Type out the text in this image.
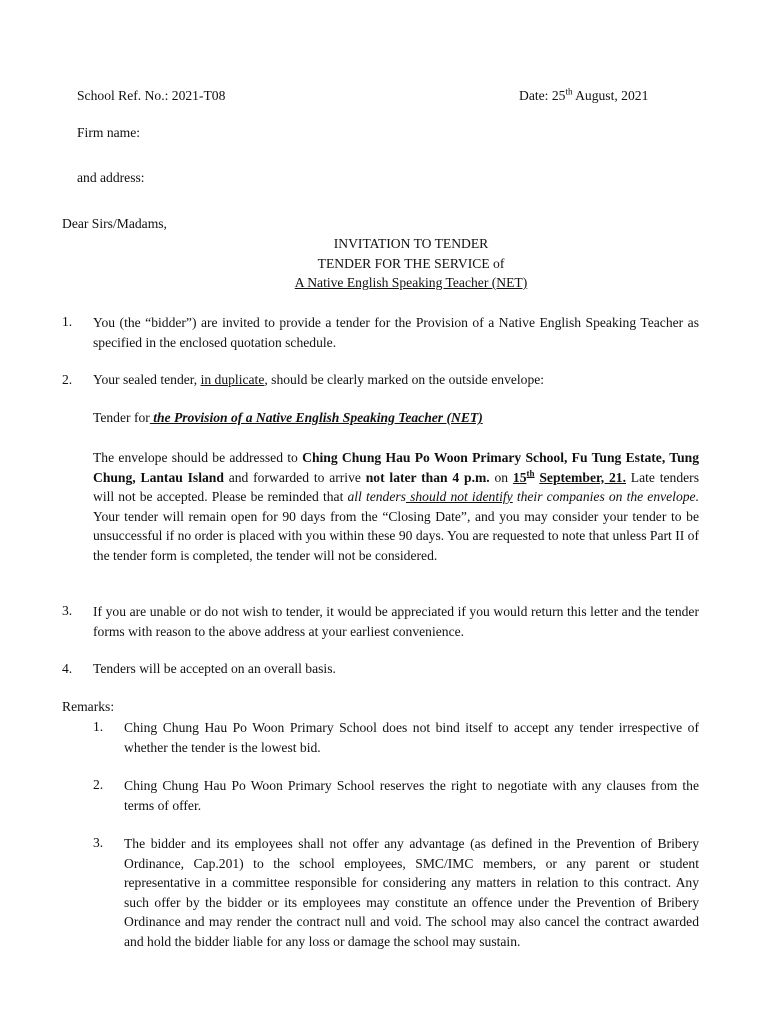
School Ref. No.: 2021-T08	Date: 25th August, 2021
Firm name:
and address:
Dear Sirs/Madams,
INVITATION TO TENDER
TENDER FOR THE SERVICE of
A Native English Speaking Teacher (NET)
1. You (the “bidder”) are invited to provide a tender for the Provision of a Native English Speaking Teacher as specified in the enclosed quotation schedule.
2. Your sealed tender, in duplicate, should be clearly marked on the outside envelope:
Tender for the Provision of a Native English Speaking Teacher (NET)
The envelope should be addressed to Ching Chung Hau Po Woon Primary School, Fu Tung Estate, Tung Chung, Lantau Island and forwarded to arrive not later than 4 p.m. on 15th September, 21. Late tenders will not be accepted. Please be reminded that all tenders should not identify their companies on the envelope. Your tender will remain open for 90 days from the “Closing Date”, and you may consider your tender to be unsuccessful if no order is placed with you within these 90 days. You are requested to note that unless Part II of the tender form is completed, the tender will not be considered.
3. If you are unable or do not wish to tender, it would be appreciated if you would return this letter and the tender forms with reason to the above address at your earliest convenience.
4. Tenders will be accepted on an overall basis.
Remarks:
1. Ching Chung Hau Po Woon Primary School does not bind itself to accept any tender irrespective of whether the tender is the lowest bid.
2. Ching Chung Hau Po Woon Primary School reserves the right to negotiate with any clauses from the terms of offer.
3. The bidder and its employees shall not offer any advantage (as defined in the Prevention of Bribery Ordinance, Cap.201) to the school employees, SMC/IMC members, or any parent or student representative in a committee responsible for considering any matters in relation to this contract. Any such offer by the bidder or its employees may constitute an offence under the Prevention of Bribery Ordinance and may render the contract null and void. The school may also cancel the contract awarded and hold the bidder liable for any loss or damage the school may sustain.
